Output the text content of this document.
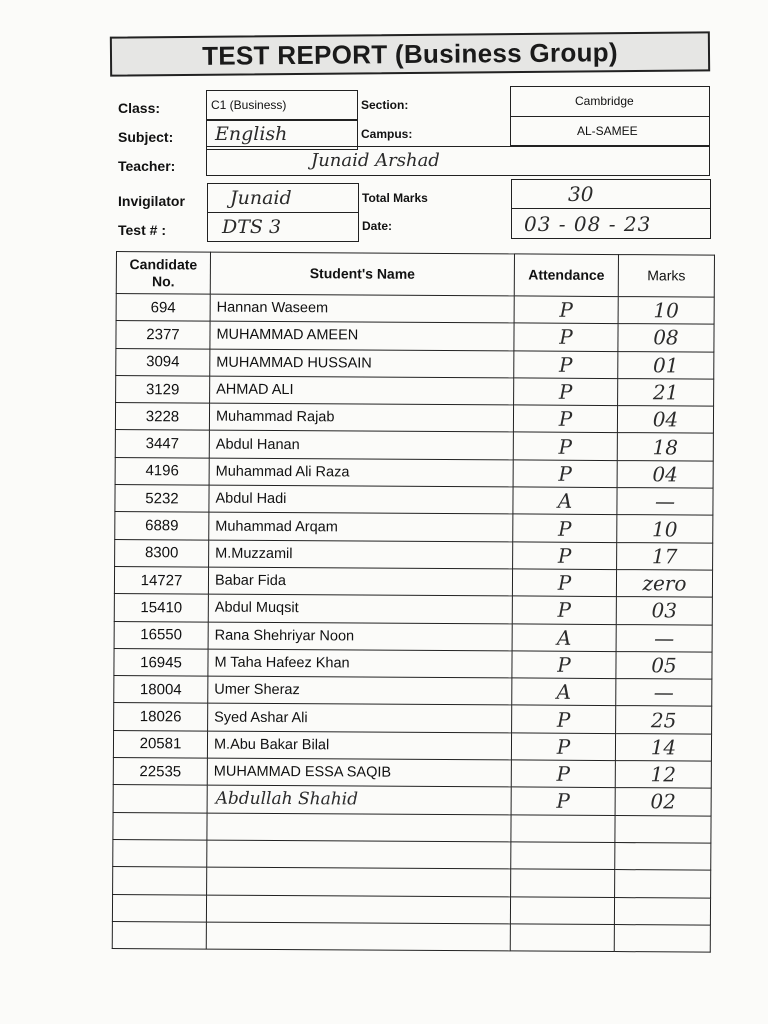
TEST REPORT (Business Group)
Class:	C1 (Business)	Section:	Cambridge
Subject: English	Campus:	AL-SAMEE
Teacher:	Junaid Arshad
Invigilator Junaid	Total Marks	30
Test # :	DTS 3	Date:	03 - 08 - 23
Candidate No.	Student's Name	Attendance	Marks
694	Hannan Waseem	P	10
2377	MUHAMMAD AMEEN	P	08
3094	MUHAMMAD HUSSAIN	P	01
3129	AHMAD ALI	P	21
3228	Muhammad Rajab	P	04
3447	Abdul Hanan	P	18
4196	Muhammad Ali Raza	P	04
5232	Abdul Hadi	A	—
6889	Muhammad Arqam	P	10
8300	M.Muzzamil	P	17
14727	Babar Fida	P	zero
15410	Abdul Muqsit	P	03
16550	Rana Shehriyar Noon	A	—
16945	M Taha Hafeez Khan	P	05
18004	Umer Sheraz	A	—
18026	Syed Ashar Ali	P	25
20581	M.Abu Bakar Bilal	P	14
22535	MUHAMMAD ESSA SAQIB	P	12
	Abdullah Shahid	P	02
